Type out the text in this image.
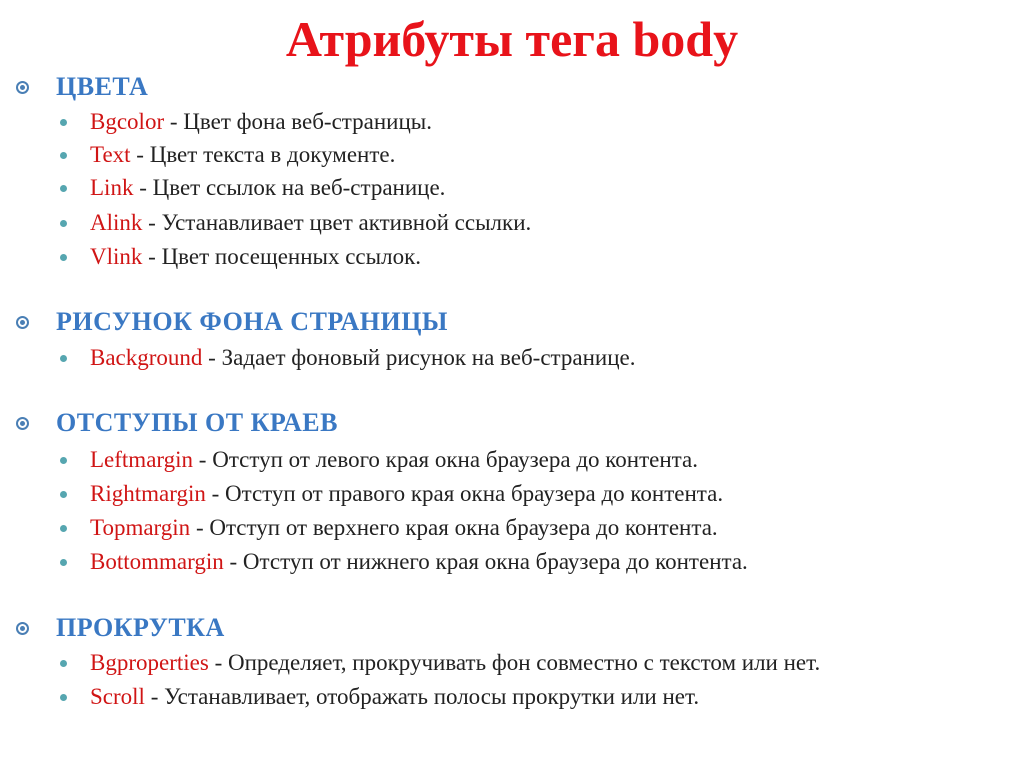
Атрибуты тега body
ЦВЕТА
Bgcolor - Цвет фона веб-страницы.
Text - Цвет текста в документе.
Link - Цвет ссылок на веб-странице.
Alink - Устанавливает цвет активной ссылки.
Vlink - Цвет посещенных ссылок.
РИСУНОК ФОНА СТРАНИЦЫ
Background - Задает фоновый рисунок на веб-странице.
ОТСТУПЫ ОТ КРАЕВ
Leftmargin - Отступ от левого края окна браузера до контента.
Rightmargin - Отступ от правого края окна браузера до контента.
Topmargin - Отступ от верхнего края окна браузера до контента.
Bottommargin - Отступ от нижнего края окна браузера до контента.
ПРОКРУТКА
Bgproperties - Определяет, прокручивать фон совместно с текстом или нет.
Scroll - Устанавливает, отображать полосы прокрутки или нет.
